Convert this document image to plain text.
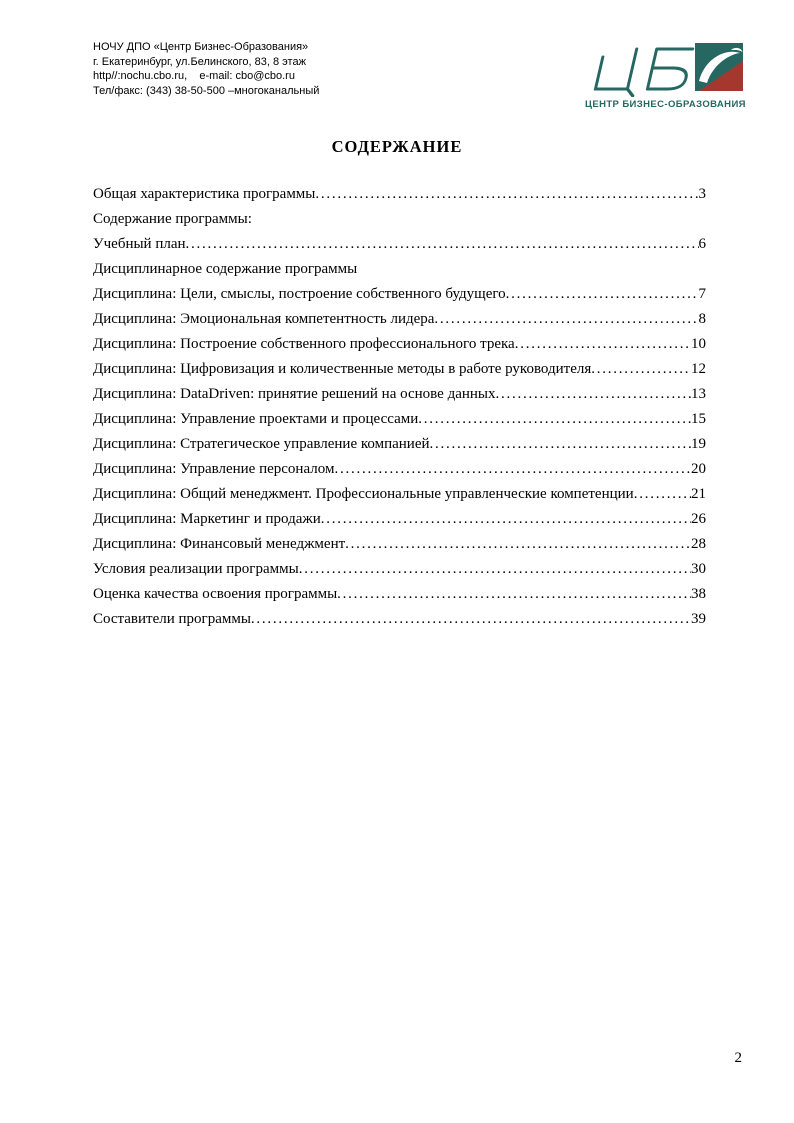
НОЧУ ДПО «Центр Бизнес-Образования»
г. Екатеринбург, ул.Белинского, 83, 8 этаж
http//:nochu.cbo.ru,    e-mail: cbo@cbo.ru
Тел/факс: (343) 38-50-500 –многоканальный
ЦЕНТР БИЗНЕС-ОБРАЗОВАНИЯ
СОДЕРЖАНИЕ
Общая характеристика программы .....	3
Содержание программы:
Учебный план .....	6
Дисциплинарное содержание программы
Дисциплина: Цели, смыслы, построение собственного будущего .....	7
Дисциплина: Эмоциональная компетентность лидера .....	8
Дисциплина: Построение собственного профессионального трека .....	10
Дисциплина: Цифровизация и количественные методы в работе руководителя .....	12
Дисциплина: DataDriven: принятие решений на основе данных .....	13
Дисциплина: Управление проектами и процессами .....	15
Дисциплина: Стратегическое управление компанией .....	19
Дисциплина: Управление персоналом .....	20
Дисциплина: Общий менеджмент. Профессиональные управленческие компетенции .....	21
Дисциплина: Маркетинг и продажи .....	26
Дисциплина: Финансовый менеджмент .....	28
Условия реализации программы .....	30
Оценка качества освоения программы .....	38
Составители программы .....	39
2
